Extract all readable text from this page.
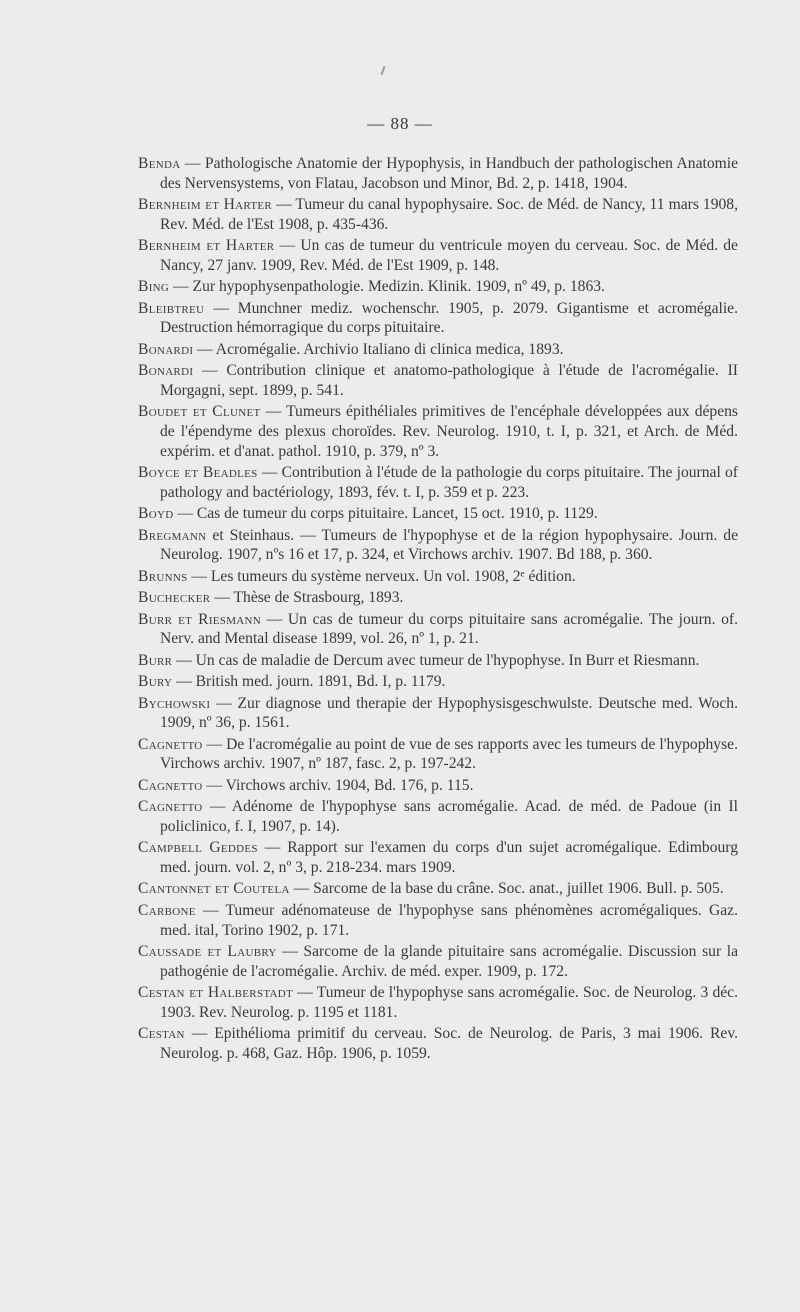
— 88 —

Benda — Pathologische Anatomie der Hypophysis, in Handbuch der pathologischen Anatomie des Nervensystems, von Flatau, Jacobson und Minor, Bd. 2, p. 1418, 1904.

Bernheim et Harter — Tumeur du canal hypophysaire. Soc. de Méd. de Nancy, 11 mars 1908, Rev. Méd. de l'Est 1908, p. 435-436.

Bernheim et Harter — Un cas de tumeur du ventricule moyen du cerveau. Soc. de Méd. de Nancy, 27 janv. 1909, Rev. Méd. de l'Est 1909, p. 148.

Bing — Zur hypophysenpathologie. Medizin. Klinik. 1909, nº 49, p. 1863.

Bleibtreu — Munchner mediz. wochenschr. 1905, p. 2079. Gigantisme et acromégalie. Destruction hémorragique du corps pituitaire.

Bonardi — Acromégalie. Archivio Italiano di clinica medica, 1893.

Bonardi — Contribution clinique et anatomo-pathologique à l'étude de l'acromégalie. II Morgagni, sept. 1899, p. 541.

Boudet et Clunet — Tumeurs épithéliales primitives de l'encéphale développées aux dépens de l'épendyme des plexus choroïdes. Rev. Neurolog. 1910, t. I, p. 321, et Arch. de Méd. expérim. et d'anat. pathol. 1910, p. 379, nº 3.

Boyce et Beadles — Contribution à l'étude de la pathologie du corps pituitaire. The journal of pathology and bactériology, 1893, fév. t. I, p. 359 et p. 223.

Boyd — Cas de tumeur du corps pituitaire. Lancet, 15 oct. 1910, p. 1129.

Bregmann et Steinhaus. — Tumeurs de l'hypophyse et de la région hypophysaire. Journ. de Neurolog. 1907, nºs 16 et 17, p. 324, et Virchows archiv. 1907. Bd 188, p. 360.

Brunns — Les tumeurs du système nerveux. Un vol. 1908, 2ᵉ édition.

Buchecker — Thèse de Strasbourg, 1893.

Burr et Riesmann — Un cas de tumeur du corps pituitaire sans acromégalie. The journ. of. Nerv. and Mental disease 1899, vol. 26, nº 1, p. 21.

Burr — Un cas de maladie de Dercum avec tumeur de l'hypophyse. In Burr et Riesmann.

Bury — British med. journ. 1891, Bd. I, p. 1179.

Bychowski — Zur diagnose und therapie der Hypophysisgeschwulste. Deutsche med. Woch. 1909, nº 36, p. 1561.

Cagnetto — De l'acromégalie au point de vue de ses rapports avec les tumeurs de l'hypophyse. Virchows archiv. 1907, nº 187, fasc. 2, p. 197-242.

Cagnetto — Virchows archiv. 1904, Bd. 176, p. 115.

Cagnetto — Adénome de l'hypophyse sans acromégalie. Acad. de méd. de Padoue (in Il policlinico, f. I, 1907, p. 14).

Campbell Geddes — Rapport sur l'examen du corps d'un sujet acromégalique. Edimbourg med. journ. vol. 2, nº 3, p. 218-234. mars 1909.

Cantonnet et Coutela — Sarcome de la base du crâne. Soc. anat., juillet 1906. Bull. p. 505.

Carbone — Tumeur adénomateuse de l'hypophyse sans phénomènes acromégaliques. Gaz. med. ital, Torino 1902, p. 171.

Caussade et Laubry — Sarcome de la glande pituitaire sans acromégalie. Discussion sur la pathogénie de l'acromégalie. Archiv. de méd. exper. 1909, p. 172.

Cestan et Halberstadt — Tumeur de l'hypophyse sans acromégalie. Soc. de Neurolog. 3 déc. 1903. Rev. Neurolog. p. 1195 et 1181.

Cestan — Epithélioma primitif du cerveau. Soc. de Neurolog. de Paris, 3 mai 1906. Rev. Neurolog. p. 468, Gaz. Hôp. 1906, p. 1059.
